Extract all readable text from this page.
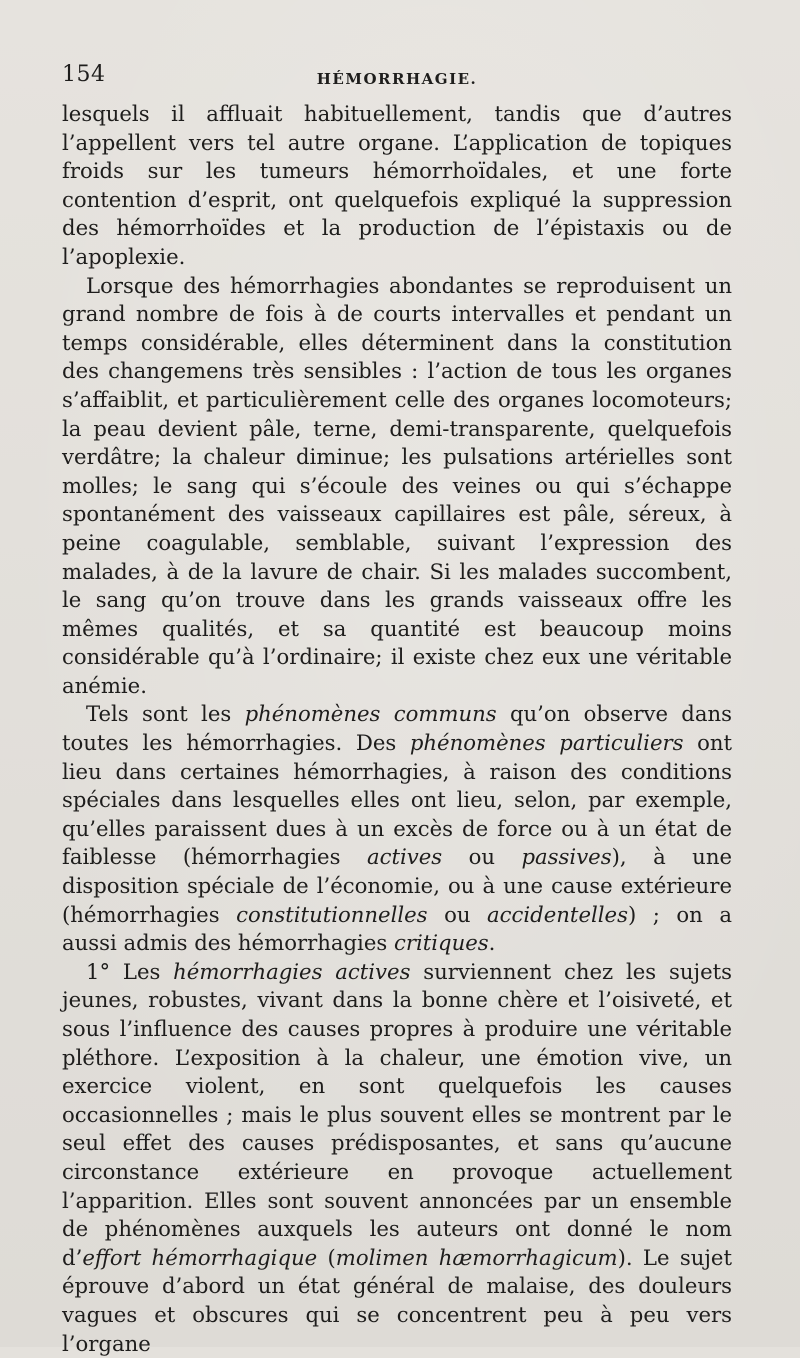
154	HÉMORRHAGIE.

lesquels il affluait habituellement, tandis que d’autres l’appellent vers tel autre organe. L’application de topiques froids sur les tumeurs hémorrhoïdales, et une forte contention d’esprit, ont quelquefois expliqué la suppression des hémorrhoïdes et la production de l’épistaxis ou de l’apoplexie.

Lorsque des hémorrhagies abondantes se reproduisent un grand nombre de fois à de courts intervalles et pendant un temps considérable, elles déterminent dans la constitution des changemens très sensibles : l’action de tous les organes s’affaiblit, et particulièrement celle des organes locomoteurs; la peau devient pâle, terne, demi-transparente, quelquefois verdâtre; la chaleur diminue; les pulsations artérielles sont molles; le sang qui s’écoule des veines ou qui s’échappe spontanément des vaisseaux capillaires est pâle, séreux, à peine coagulable, semblable, suivant l’expression des malades, à de la lavure de chair. Si les malades succombent, le sang qu’on trouve dans les grands vaisseaux offre les mêmes qualités, et sa quantité est beaucoup moins considérable qu’à l’ordinaire; il existe chez eux une véritable anémie.

Tels sont les phénomènes communs qu’on observe dans toutes les hémorrhagies. Des phénomènes particuliers ont lieu dans certaines hémorrhagies, à raison des conditions spéciales dans lesquelles elles ont lieu, selon, par exemple, qu’elles paraissent dues à un excès de force ou à un état de faiblesse (hémorrhagies actives ou passives), à une disposition spéciale de l’économie, ou à une cause extérieure (hémorrhagies constitutionnelles ou accidentelles) ; on a aussi admis des hémorrhagies critiques.

1° Les hémorrhagies actives surviennent chez les sujets jeunes, robustes, vivant dans la bonne chère et l’oisiveté, et sous l’influence des causes propres à produire une véritable pléthore. L’exposition à la chaleur, une émotion vive, un exercice violent, en sont quelquefois les causes occasionnelles ; mais le plus souvent elles se montrent par le seul effet des causes prédisposantes, et sans qu’aucune circonstance extérieure en provoque actuellement l’apparition. Elles sont souvent annoncées par un ensemble de phénomènes auxquels les auteurs ont donné le nom d’effort hémorrhagique (molimen hæmorrhagicum). Le sujet éprouve d’abord un état général de malaise, des douleurs vagues et obscures qui se concentrent peu à peu vers l’organe
